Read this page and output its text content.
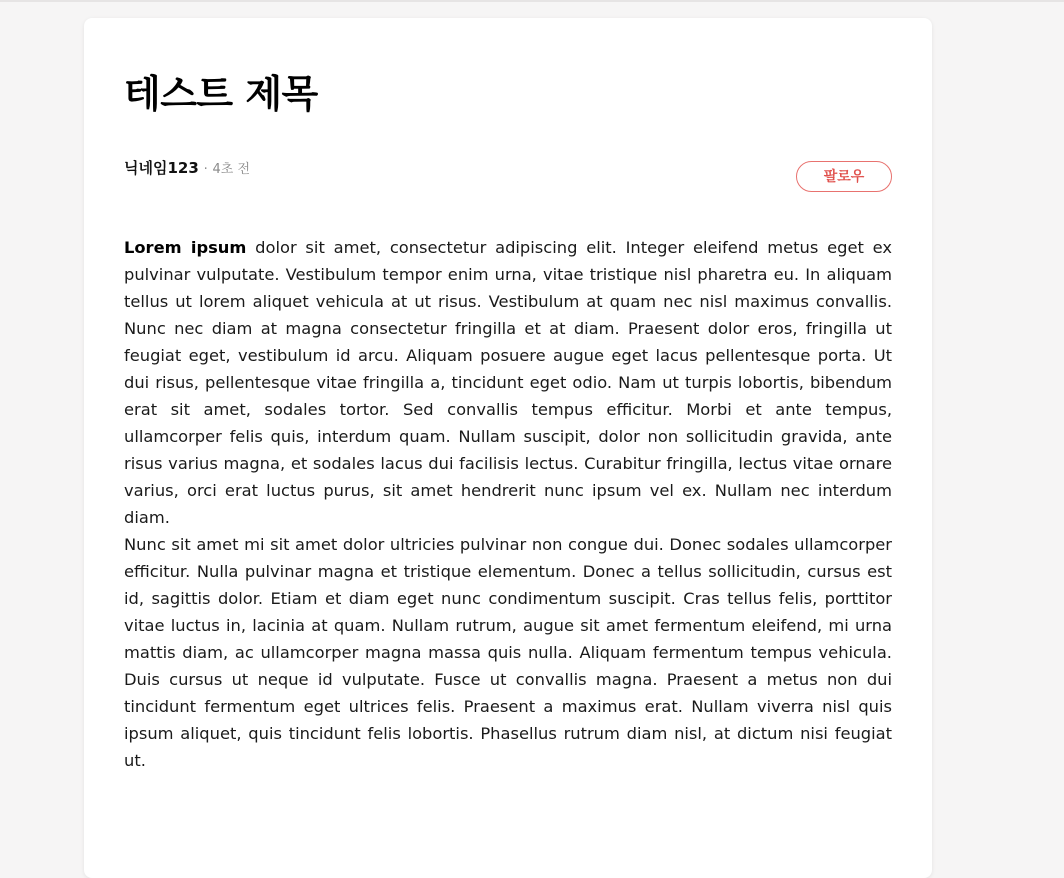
테스트 제목
닉네임123 · 4초 전	팔로우

Lorem ipsum dolor sit amet, consectetur adipiscing elit. Integer eleifend metus eget ex pulvinar vulputate. Vestibulum tempor enim urna, vitae tristique nisl pharetra eu. In aliquam tellus ut lorem aliquet vehicula at ut risus. Vestibulum at quam nec nisl maximus convallis. Nunc nec diam at magna consectetur fringilla et at diam. Praesent dolor eros, fringilla ut feugiat eget, vestibulum id arcu. Aliquam posuere augue eget lacus pellentesque porta. Ut dui risus, pellentesque vitae fringilla a, tincidunt eget odio. Nam ut turpis lobortis, bibendum erat sit amet, sodales tortor. Sed convallis tempus efficitur. Morbi et ante tempus, ullamcorper felis quis, interdum quam. Nullam suscipit, dolor non sollicitudin gravida, ante risus varius magna, et sodales lacus dui facilisis lectus. Curabitur fringilla, lectus vitae ornare varius, orci erat luctus purus, sit amet hendrerit nunc ipsum vel ex. Nullam nec interdum diam.

Nunc sit amet mi sit amet dolor ultricies pulvinar non congue dui. Donec sodales ullamcorper efficitur. Nulla pulvinar magna et tristique elementum. Donec a tellus sollicitudin, cursus est id, sagittis dolor. Etiam et diam eget nunc condimentum suscipit. Cras tellus felis, porttitor vitae luctus in, lacinia at quam. Nullam rutrum, augue sit amet fermentum eleifend, mi urna mattis diam, ac ullamcorper magna massa quis nulla. Aliquam fermentum tempus vehicula. Duis cursus ut neque id vulputate. Fusce ut convallis magna. Praesent a metus non dui tincidunt fermentum eget ultrices felis. Praesent a maximus erat. Nullam viverra nisl quis ipsum aliquet, quis tincidunt felis lobortis. Phasellus rutrum diam nisl, at dictum nisi feugiat ut.
